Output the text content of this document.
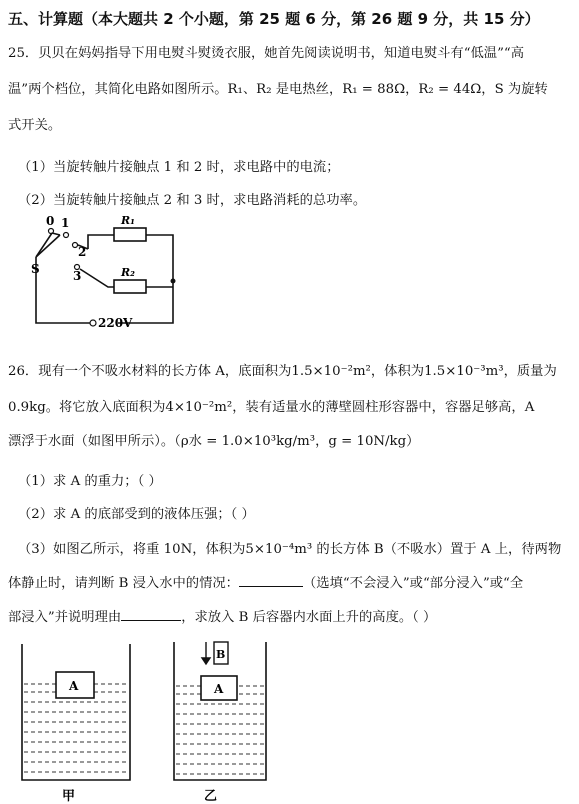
五、计算题（本大题共 2 个小题，第 25 题 6 分，第 26 题 9 分，共 15 分）
25．贝贝在妈妈指导下用电熨斗熨烫衣服，她首先阅读说明书，知道电熨斗有“低温”“高
温”两个档位，其简化电路如图所示。R₁、R₂ 是电热丝，R₁ = 88Ω，R₂ = 44Ω，S 为旋转
式开关。
（1）当旋转触片接触点 1 和 2 时，求电路中的电流；
（2）当旋转触片接触点 2 和 3 时，求电路消耗的总功率。
0 1
2
3
S
R₁
R₂
220V
26．现有一个不吸水材料的长方体 A，底面积为1.5×10⁻²m²，体积为1.5×10⁻³m³，质量为
0.9kg。将它放入底面积为4×10⁻²m²，装有适量水的薄壁圆柱形容器中，容器足够高，A
漂浮于水面（如图甲所示）。（ρ水 = 1.0×10³kg/m³，g = 10N/kg）
（1）求 A 的重力；（ ）
（2）求 A 的底部受到的液体压强；（ ）
（3）如图乙所示，将重 10N，体积为5×10⁻⁴m³ 的长方体 B（不吸水）置于 A 上，待两物
体静止时，请判断 B 浸入水中的情况：	（选填“不会浸入”或“部分浸入”或“全
部浸入”并说明理由	，求放入 B 后容器内水面上升的高度。（ ）
A
甲
A
B
乙
